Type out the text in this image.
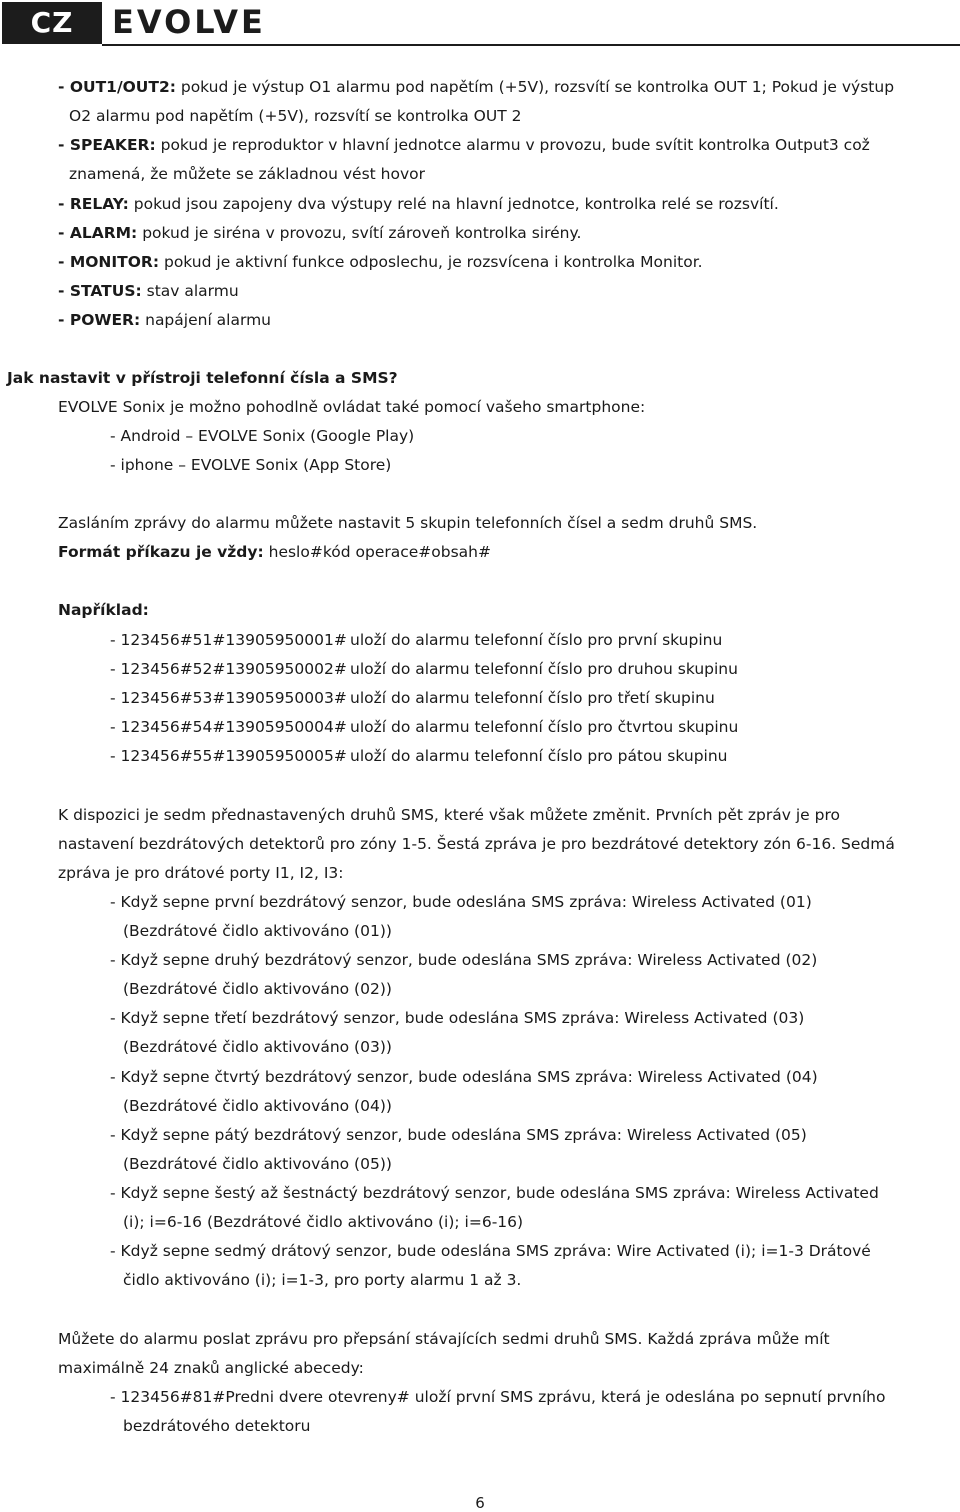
CZ	EVOLVE
- OUT1/OUT2: pokud je výstup O1 alarmu pod napětím (+5V), rozsvítí se kontrolka OUT 1; Pokud je výstup
O2 alarmu pod napětím (+5V), rozsvítí se kontrolka OUT 2
- SPEAKER: pokud je reproduktor v hlavní jednotce alarmu v provozu, bude svítit kontrolka Output3 což
znamená, že můžete se základnou vést hovor
- RELAY: pokud jsou zapojeny dva výstupy relé na hlavní jednotce, kontrolka relé se rozsvítí.
- ALARM: pokud je siréna v provozu, svítí zároveň kontrolka sirény.
- MONITOR: pokud je aktivní funkce odposlechu, je rozsvícena i kontrolka Monitor.
- STATUS: stav alarmu
- POWER: napájení alarmu
Jak nastavit v přístroji telefonní čísla a SMS?
EVOLVE Sonix je možno pohodlně ovládat také pomocí vašeho smartphone:
- Android – EVOLVE Sonix (Google Play)
- iphone – EVOLVE Sonix (App Store)
Zasláním zprávy do alarmu můžete nastavit 5 skupin telefonních čísel a sedm druhů SMS.
Formát příkazu je vždy: heslo#kód operace#obsah#
Například:
- 123456#51#13905950001# uloží do alarmu telefonní číslo pro první skupinu
- 123456#52#13905950002# uloží do alarmu telefonní číslo pro druhou skupinu
- 123456#53#13905950003# uloží do alarmu telefonní číslo pro třetí skupinu
- 123456#54#13905950004# uloží do alarmu telefonní číslo pro čtvrtou skupinu
- 123456#55#13905950005# uloží do alarmu telefonní číslo pro pátou skupinu
K dispozici je sedm přednastavených druhů SMS, které však můžete změnit. Prvních pět zpráv je pro
nastavení bezdrátových detektorů pro zóny 1-5. Šestá zpráva je pro bezdrátové detektory zón 6-16. Sedmá
zpráva je pro drátové porty I1, I2, I3:
- Když sepne první bezdrátový senzor, bude odeslána SMS zpráva: Wireless Activated (01)
(Bezdrátové čidlo aktivováno (01))
- Když sepne druhý bezdrátový senzor, bude odeslána SMS zpráva: Wireless Activated (02)
(Bezdrátové čidlo aktivováno (02))
- Když sepne třetí bezdrátový senzor, bude odeslána SMS zpráva: Wireless Activated (03)
(Bezdrátové čidlo aktivováno (03))
- Když sepne čtvrtý bezdrátový senzor, bude odeslána SMS zpráva: Wireless Activated (04)
(Bezdrátové čidlo aktivováno (04))
- Když sepne pátý bezdrátový senzor, bude odeslána SMS zpráva: Wireless Activated (05)
(Bezdrátové čidlo aktivováno (05))
- Když sepne šestý až šestnáctý bezdrátový senzor, bude odeslána SMS zpráva: Wireless Activated
(i); i=6-16 (Bezdrátové čidlo aktivováno (i); i=6-16)
- Když sepne sedmý drátový senzor, bude odeslána SMS zpráva: Wire Activated (i); i=1-3 Drátové
čidlo aktivováno (i); i=1-3, pro porty alarmu 1 až 3.
Můžete do alarmu poslat zprávu pro přepsání stávajících sedmi druhů SMS. Každá zpráva může mít
maximálně 24 znaků anglické abecedy:
- 123456#81#Predni dvere otevreny# uloží první SMS zprávu, která je odeslána po sepnutí prvního
bezdrátového detektoru
6
